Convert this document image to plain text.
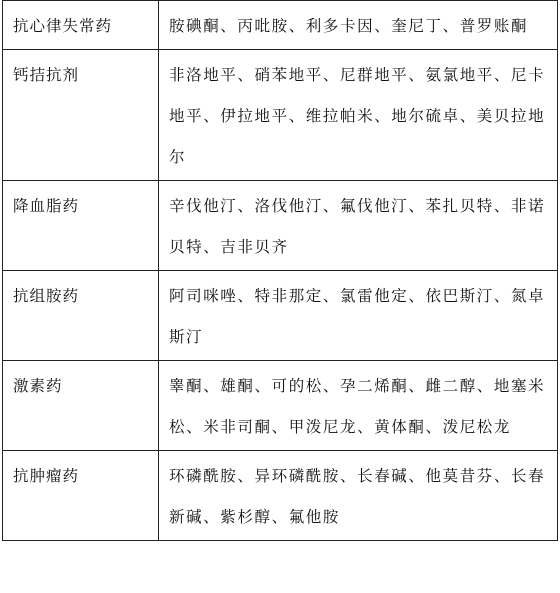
抗心律失常药	胺碘酮、丙吡胺、利多卡因、奎尼丁、普罗账酮

钙拮抗剂	非洛地平、硝苯地平、尼群地平、氨氯地平、尼卡地平、伊拉地平、维拉帕米、地尔硫卓、美贝拉地尔

降血脂药	辛伐他汀、洛伐他汀、氟伐他汀、苯扎贝特、非诺贝特、吉非贝齐

抗组胺药	阿司咪唑、特非那定、氯雷他定、依巴斯汀、氮卓斯汀

激素药	睾酮、雄酮、可的松、孕二烯酮、雌二醇、地塞米松、米非司酮、甲泼尼龙、黄体酮、泼尼松龙

抗肿瘤药	环磷酰胺、异环磷酰胺、长春碱、他莫昔芬、长春新碱、紫杉醇、氟他胺
